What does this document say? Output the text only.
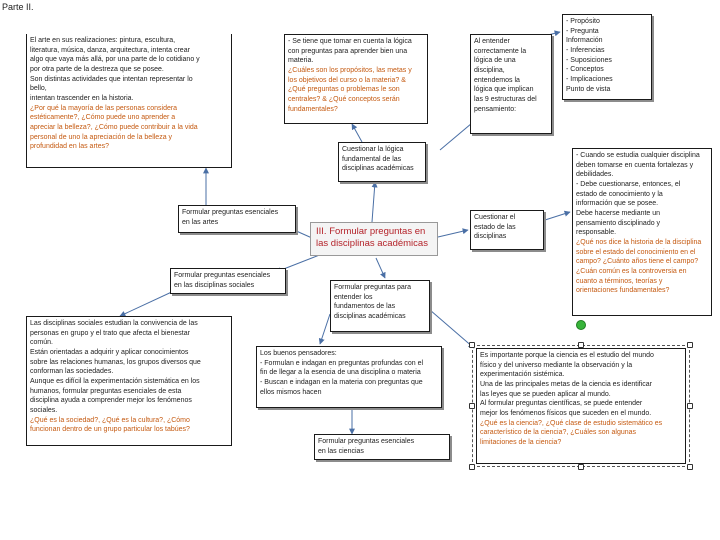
Parte II.
El arte en sus realizaciones: pintura, escultura,
literatura, música, danza, arquitectura, intenta crear
algo que vaya más allá, por una parte de lo cotidiano y
por otra parte de la destreza que se posee.
Son distintas actividades que intentan representar lo
bello,
intentan trascender en la historia.
¿Por qué la mayoría de las personas considera
estéticamente?, ¿Cómo puede uno aprender a
apreciar la belleza?, ¿Cómo puede contribuir a la vida
personal de uno la apreciación de la belleza y
profundidad en las artes?
- Se tiene que tomar en cuenta la lógica
con preguntas para aprender bien una
materia.
¿Cuáles son los propósitos, las metas y
los objetivos del curso o la materia? &
¿Qué preguntas o problemas le son
centrales? & ¿Qué conceptos serán
fundamentales?
Al entender
correctamente la
lógica de una
disciplina,
entendemos la
lógica que implican
las 9 estructuras del
pensamiento:
- Propósito
- Pregunta
Información
- Inferencias
- Suposiciones
- Conceptos
- Implicaciones
Punto de vista
Cuestionar la lógica
fundamental de las
disciplinas académicas
Formular preguntas esenciales
en las artes
III. Formular preguntas en las disciplinas académicas
Cuestionar el
estado de las
disciplinas
- Cuando se estudia cualquier disciplina
deben tomarse en cuenta fortalezas y
debilidades.
- Debe cuestionarse, entonces, el
estado de conocimiento y la
información que se posee.
Debe hacerse mediante un
pensamiento disciplinado y
responsable.
¿Qué nos dice la historia de la disciplina
sobre el estado del conocimiento en el
campo? ¿Cuánto años tiene el campo?
¿Cuán común es la controversia en
cuanto a términos, teorías y
orientaciones fundamentales?
Formular preguntas esenciales
en las disciplinas sociales	Formular preguntas para
entender los
fundamentos de las
disciplinas académicas
Las disciplinas sociales estudian la convivencia de las
personas en grupo y el trato que afecta el bienestar
común.
Están orientadas a adquirir y aplicar conocimientos
sobre las relaciones humanas, los grupos diversos que
conforman las sociedades.
Aunque es difícil la experimentación sistemática en los
humanos, formular preguntas esenciales de esta
disciplina ayuda a comprender mejor los fenómenos
sociales.
¿Qué es la sociedad?, ¿Qué es la cultura?, ¿Cómo
funcionan dentro de un grupo particular los tabúes?
Los buenos pensadores:
- Formulan e indagan en preguntas profundas con el
fin de llegar a la esencia de una disciplina o materia
- Buscan e indagan en la materia con preguntas que
ellos mismos hacen
Es importante porque la ciencia es el estudio del mundo
físico y del universo mediante la observación y la
experimentación sistémica.
Una de las principales metas de la ciencia es identificar
las leyes que se pueden aplicar al mundo.
Al formular preguntas científicas, se puede entender
mejor los fenómenos físicos que suceden en el mundo.
¿Qué es la ciencia?, ¿Qué clase de estudio sistemático es
característico de la ciencia?, ¿Cuáles son algunas
limitaciones de la ciencia?
Formular preguntas esenciales
en las ciencias
